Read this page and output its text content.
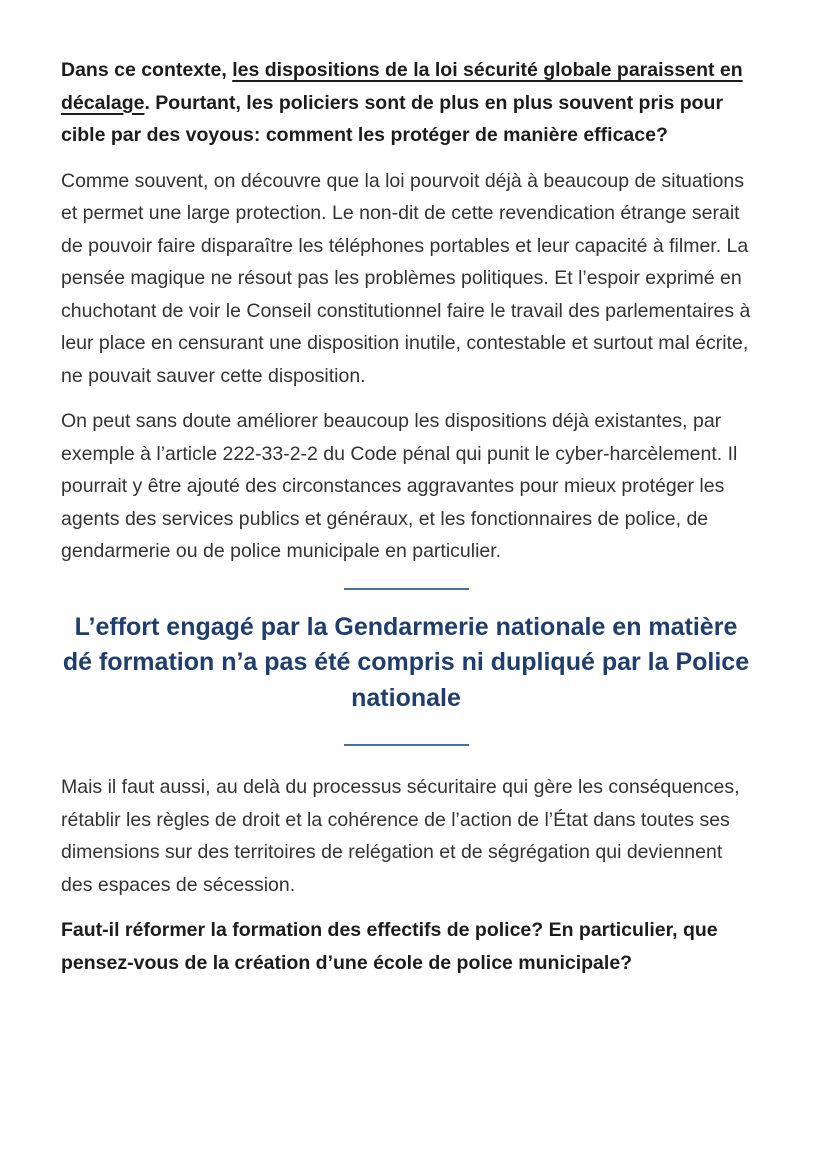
Dans ce contexte, les dispositions de la loi sécurité globale paraissent en décalage. Pourtant, les policiers sont de plus en plus souvent pris pour cible par des voyous: comment les protéger de manière efficace?

Comme souvent, on découvre que la loi pourvoit déjà à beaucoup de situations et permet une large protection. Le non-dit de cette revendication étrange serait de pouvoir faire disparaître les téléphones portables et leur capacité à filmer. La pensée magique ne résout pas les problèmes politiques. Et l’espoir exprimé en chuchotant de voir le Conseil constitutionnel faire le travail des parlementaires à leur place en censurant une disposition inutile, contestable et surtout mal écrite, ne pouvait sauver cette disposition.

On peut sans doute améliorer beaucoup les dispositions déjà existantes, par exemple à l’article 222-33-2-2 du Code pénal qui punit le cyber-harcèlement. Il pourrait y être ajouté des circonstances aggravantes pour mieux protéger les agents des services publics et généraux, et les fonctionnaires de police, de gendarmerie ou de police municipale en particulier.

L’effort engagé par la Gendarmerie nationale en matière dé formation n’a pas été compris ni dupliqué par la Police nationale

Mais il faut aussi, au delà du processus sécuritaire qui gère les conséquences, rétablir les règles de droit et la cohérence de l’action de l’État dans toutes ses dimensions sur des territoires de relégation et de ségrégation qui deviennent des espaces de sécession.

Faut-il réformer la formation des effectifs de police? En particulier, que pensez-vous de la création d’une école de police municipale?
